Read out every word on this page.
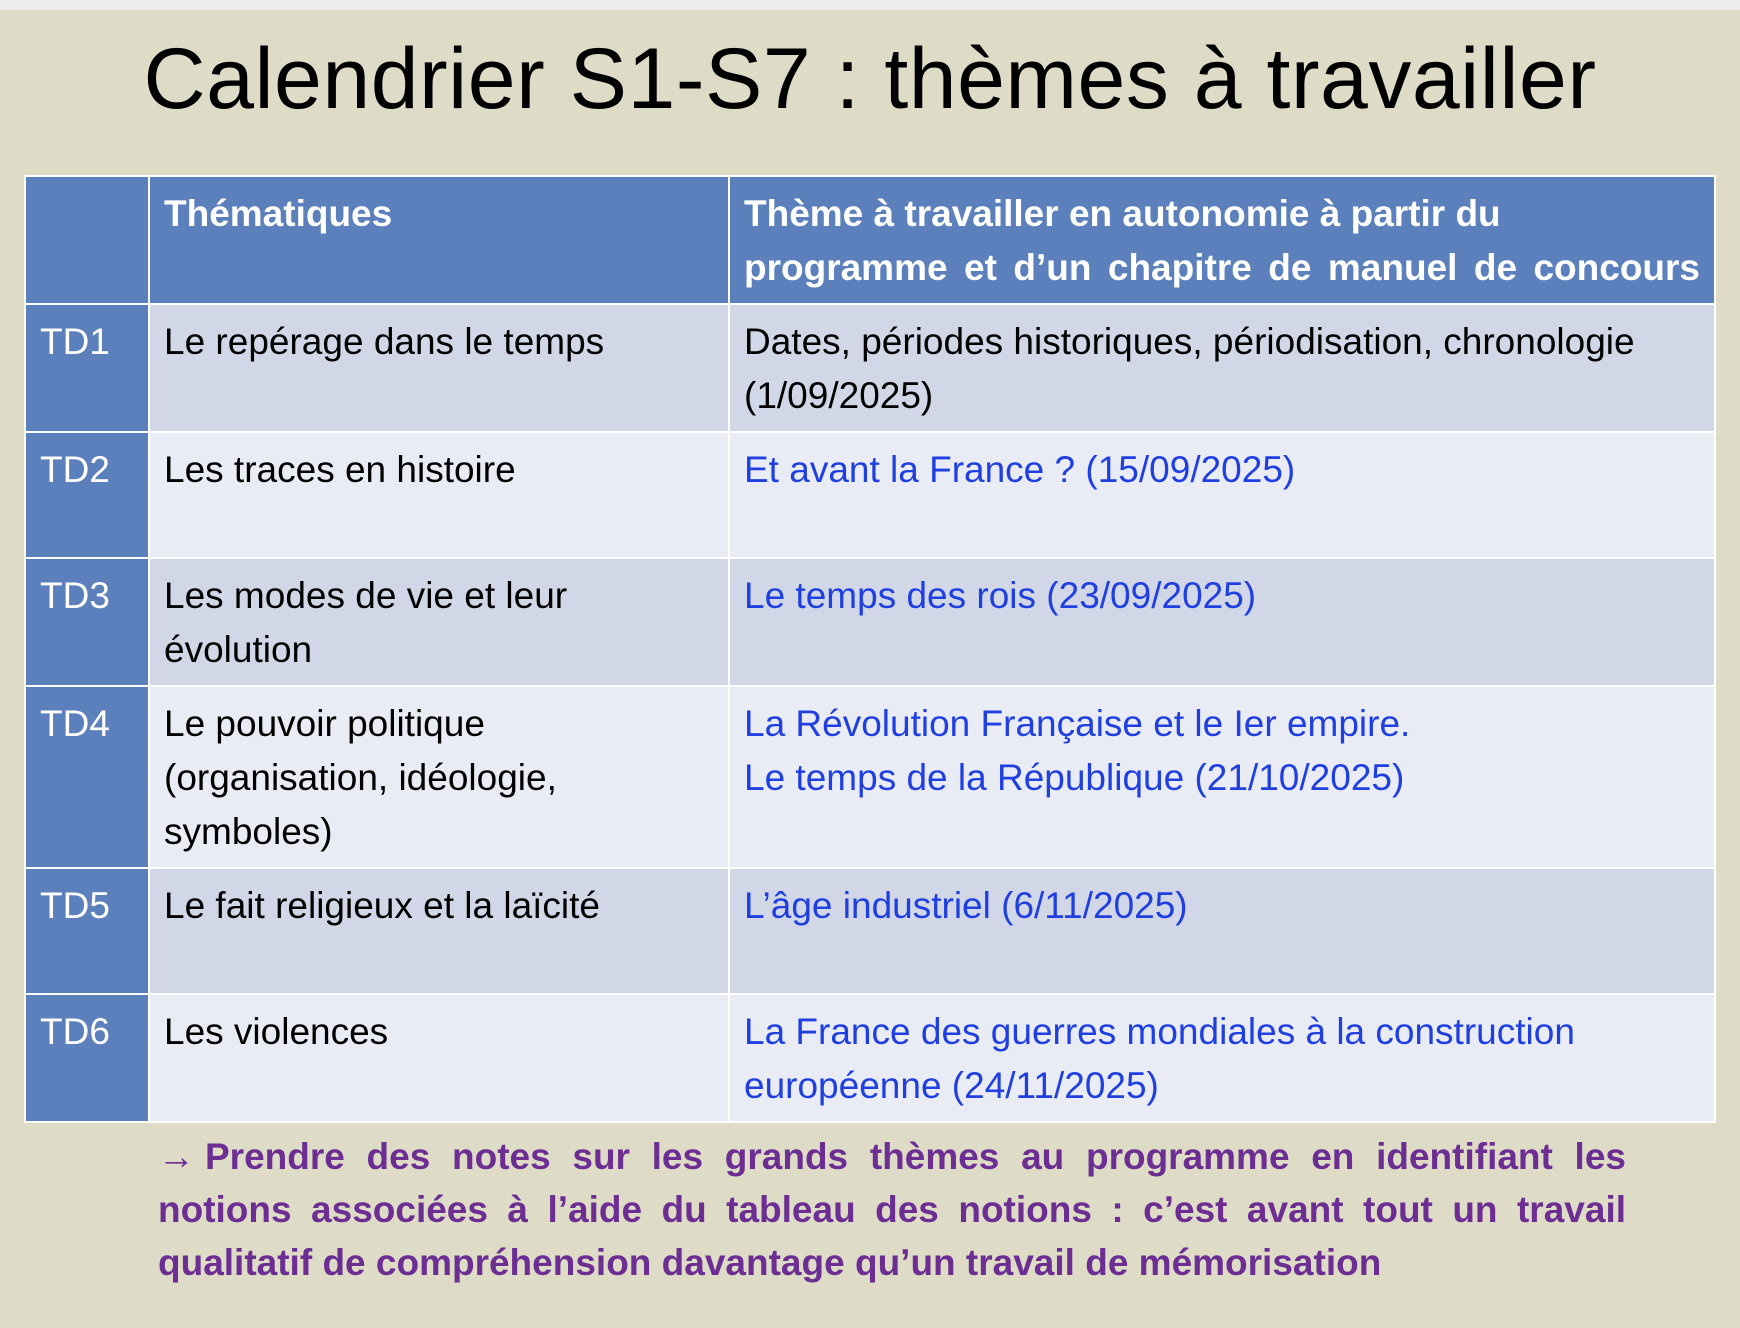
Calendrier S1-S7 : thèmes à travailler
	Thématiques	Thème à travailler en autonomie à partir du programme et d’un chapitre de manuel de concours
TD1	Le repérage dans le temps	Dates, périodes historiques, périodisation, chronologie (1/09/2025)

TD2	Les traces en histoire	Et avant la France ? (15/09/2025)

TD3	Les modes de vie et leur évolution	Le temps des rois (23/09/2025)

TD4	Le pouvoir politique (organisation, idéologie, symboles)	La Révolution Française et le Ier empire.
Le temps de la République (21/10/2025)

TD5	Le fait religieux et la laïcité	L’âge industriel (6/11/2025)

TD6	Les violences	La France des guerres mondiales à la construction européenne (24/11/2025)
→ Prendre des notes sur les grands thèmes au programme en identifiant les notions associées à l’aide du tableau des notions : c’est avant tout un travail qualitatif de compréhension davantage qu’un travail de mémorisation
